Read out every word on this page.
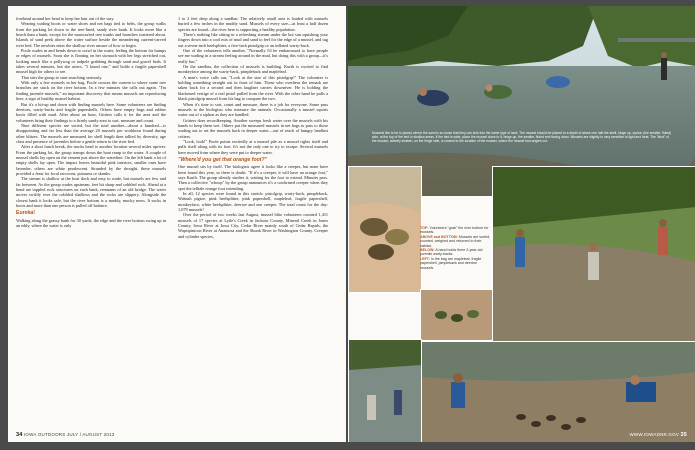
forehead around her head to keep her hair out of the way.

Wearing wading boots or water shoes and net bags tied to belts, the group walks from the parking lot down to the tree-lined, sandy river bank. It looks more like a beach than a bank, except for the maroon/red tree trunks and branches scattered about. Islands of sand peek above the water surface beside the meandering current-carved river bed. The newbies enter the shallow river unsure of how to begin.

Poole wades in and bends down to crawl in the water, feeling the bottom for bumps or edges of mussels. Soon she is floating on her stomach with her legs stretched out, looking much like a pollywog or tadpole grabbing through sand and gravel beds. It takes several minutes, but she utters, "I found one," and holds a fragile papershell mussel high for others to see.

That stirs the group to start searching seriously.

With only a few mussels in her bag, Poole crosses the current to where some tree branches are stuck on the river bottom. In a few minutes she calls out again. "I'm finding juvenile mussels," an important discovery that means mussels are reproducing here, a sign of healthy mussel habitat.

But it's a hit-up and down with finding mussels here. Some volunteers are finding deertoes, warty-backs and fragile papershells. Others have empty bags and rubber boots filled with mud. After about an hour, Gritters calls it for the area and the volunteers bring their findings to a firmly sandy area to sort, measure and count.

Nine different species are sorted, but the total number—about a hundred—is disappointing and far less than the average 20 mussels per workhour found during other blitzes. The mussels are measured for shell length then tallied by diversity, age class and presence of juveniles before a gentle return to the river bed.

After a short lunch break, the trucks head to another location several miles upriver. From the parking lot, the group tramps down the boat ramp to the water. A couple of mussel shells lay open on the cement just above the waterline. On the left bank a lot of empty shells lay open. The impact leaves beautiful pink interiors, smaller ones have lavender, others are white pearlescent. Stranded by the drought, these mussels provided a feast for local raccoons, possums or skunks.

The stream is shallow at the boat dock and easy to wade, but mussels are few and far between. As the group wades upstream, feet hit sharp and cobbled rock. Ahead at a bend are toppled rock structures on each bank, remnants of an old bridge. The water moves swiftly over the cobbled shallows and the rocks are slippery. Alongside the closest bank it looks safe, but the river bottom is a muddy, mucky mess. It sucks in boots and more than one person is pulled off balance.

Eureka!

Walking along the grassy bank for 30 yards, the edge and the river bottom swing up in an eddy, where the water is only

1 to 2 feet deep along a sandbar. The relatively small area is loaded with mussels buried a few inches in the muddy sand. Mussels of every size—at least a half dozen species are found—the river here is supporting a healthy population.

There's nothing like sitting in a refreshing stream under the hot sun squishing your fingers down into a cool mix of mud and sand to feel for the edge of a mussel, and tug out a seven-inch heelsplitter, a five-inch pistolgrip or an inflated warty-back.

One of the volunteers tells another, "Normally I'd be embarrassed to have people see me wading in a stream feeling around in the mud, but doing this with a group—it's really fun."

On the sandbar, the collection of mussels is building. Kurth is excited to find monkeyface among the warty-back, pimpleback and mapleleaf.

A man's voice calls out, "Look at the size of this pistolgrip!" The volunteer is holding something straight out in front of him. Those who overhear the remark are taken back for a second and then laughter carries downriver. He is holding the blackened vestige of a real pistol pulled from the river. With the other hand he pulls a black pistolgrip mussel from his bag to compare the two.

When it's time to sort, count and measure, there is a job for everyone. Some pass mussels to the biologists who measure the animals. Occasionally a mussel squirts water out of a siphon as they are handled.

Gritters does recordkeeping. Another sweeps fresh water over the mussels with his hands to keep them wet. Others put the measured mussels in net bags to pass to those wading out to set the mussels back in deeper water—out of reach of hungry landlust critters.

"Look, look!" Poole points excitedly at a mussel pile as a mussel rights itself and pulls itself along with its foot. It's not the only one to try to escape. Several mussels have moved from where they were put to deeper water.

"Where'd you get that orange foot?"

One mussel sits by itself. The biologists agree it looks like a creeper, but none have been found this year, so there is doubt. "If it's a creeper, it will have an orange foot," says Kurth. The group silently studies it, waiting for the foot to extend. Minutes pass. Then a collective "whoop" by the group announces it's a confirmed creeper when they spot the telltale orange foot extending.

In all, 12 species were found in this stretch: pistolgrip, warty-back, pimpleback, Wabash pigtoe, pink heelsplitter, pink papershell, mapleleaf, fragile papershell, monkeyface, white heelsplitter, deertoe and one creeper. The total count for the day: 1,079 mussels!

Over the period of two weeks last August, mussel blitz volunteers counted 1,411 mussels of 17 species at Lytle's Creek in Jackson County, Mineral Creek in Jones County, Iowa River at Iowa City, Cedar River mainly south of Cedar Rapids, the Wapsipinicon River at Anamosa and the Skunk River in Washington County. Creeper and cylinder species,

34 IOWA OUTDOORS JULY / AUGUST 2013
Mussels like to be in places where the sand is so loose that they can sink into the same type of land. The mussel should be placed to a depth of about one half the shell, hinge up, siphon (the smaller, fluted) side, at the top of the bed in shallow areas. If the bed is wide, place the mussel close to it, hinge up, the smaller, fluted end facing down. Mussels are slightly to very sensitive to light and heat. The "kind" of the mussel, actively shaken, on the hinge side, is closest to the location of the mussel, where the mussel foot-angles out.
TOP: Volunteers "grab" the river bottom for mussels.
ABOVE and BOTTOM: Mussels are sorted, counted, weighed and returned to their habitat.
BELOW: A hand holds three 2-year-old juvenile warty-backs.
LEFT: In the bag are mapleleaf, fragile papershell, pimpleback and deertoe mussels.
WWW.IOWADNR.GOV 35
